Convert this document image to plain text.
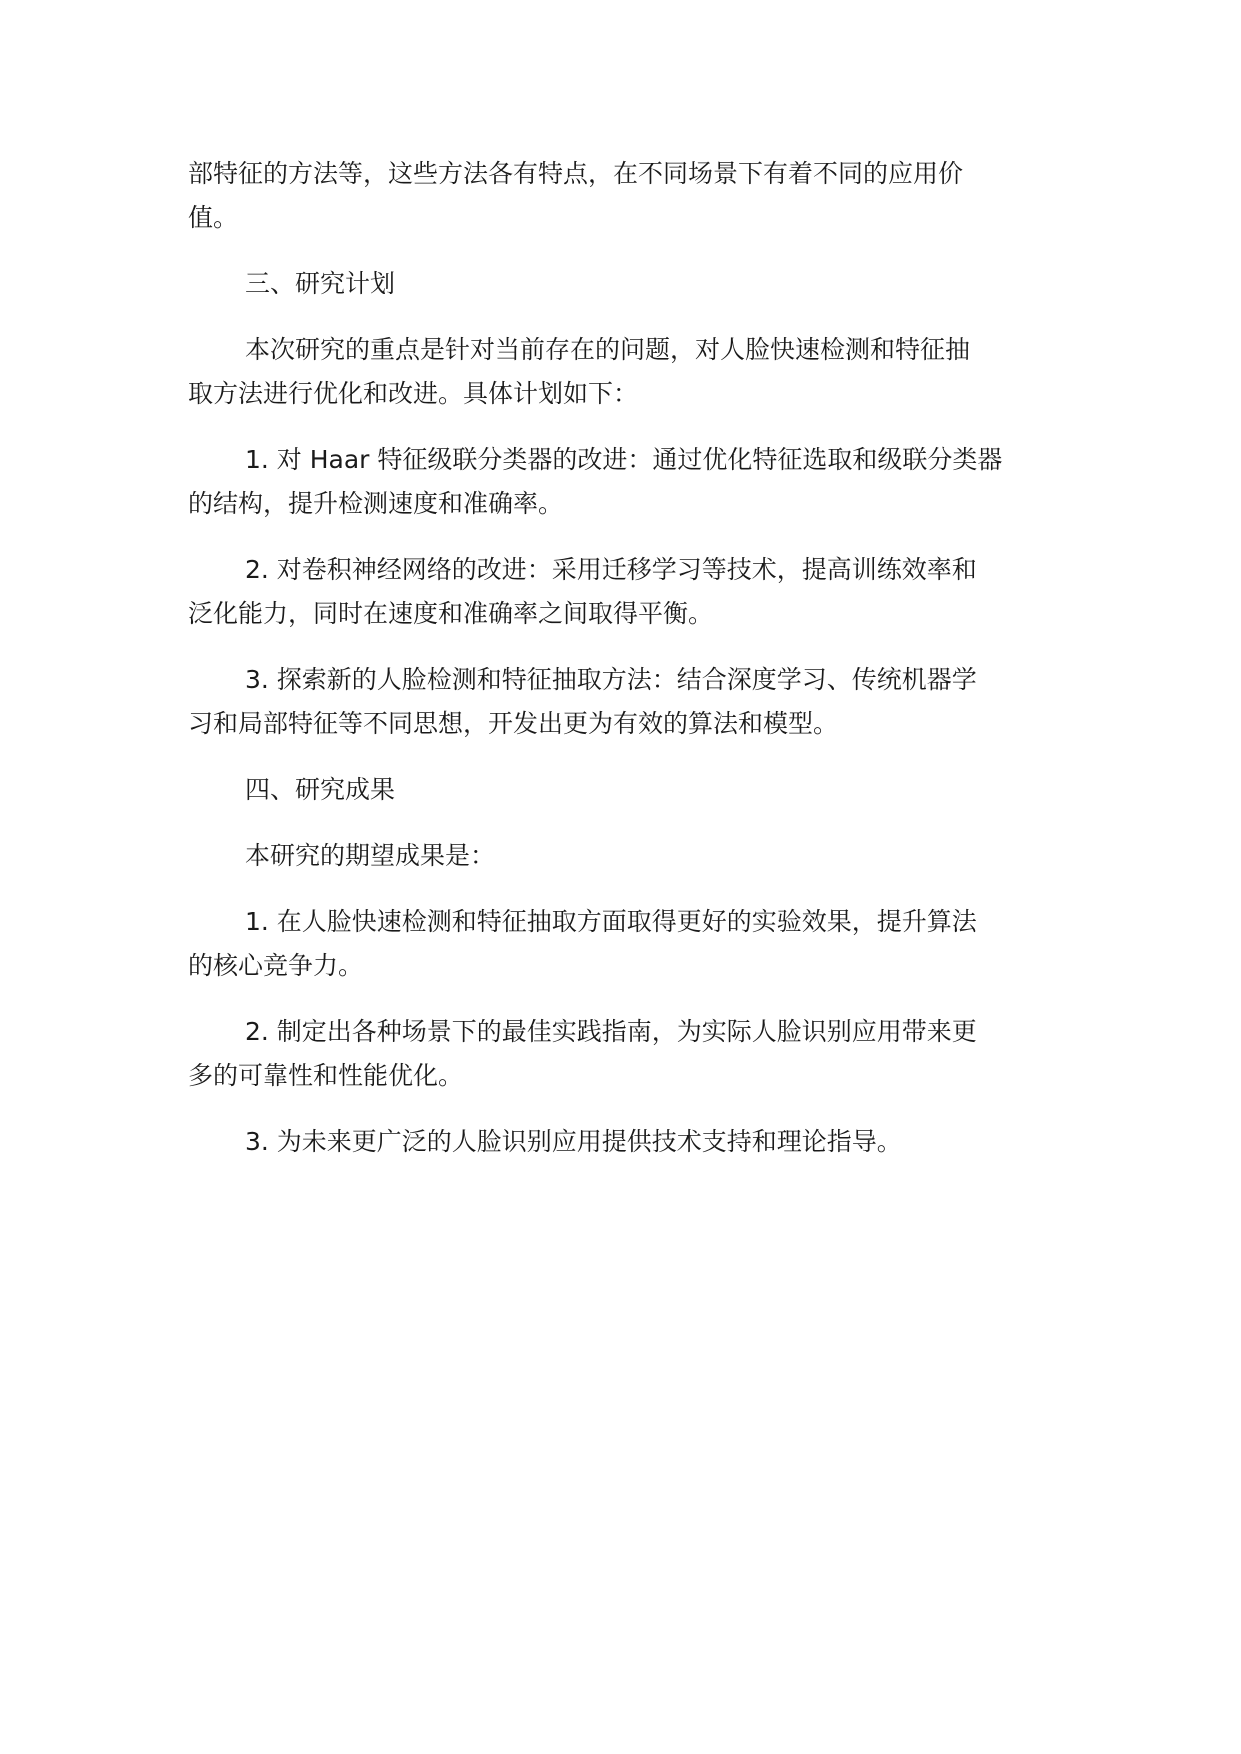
部特征的方法等，这些方法各有特点，在不同场景下有着不同的应用价
值。
三、研究计划
本次研究的重点是针对当前存在的问题，对人脸快速检测和特征抽
取方法进行优化和改进。具体计划如下：
1. 对 Haar 特征级联分类器的改进：通过优化特征选取和级联分类器
的结构，提升检测速度和准确率。
2. 对卷积神经网络的改进：采用迁移学习等技术，提高训练效率和
泛化能力，同时在速度和准确率之间取得平衡。
3. 探索新的人脸检测和特征抽取方法：结合深度学习、传统机器学
习和局部特征等不同思想，开发出更为有效的算法和模型。
四、研究成果
本研究的期望成果是：
1. 在人脸快速检测和特征抽取方面取得更好的实验效果，提升算法
的核心竞争力。
2. 制定出各种场景下的最佳实践指南，为实际人脸识别应用带来更
多的可靠性和性能优化。
3. 为未来更广泛的人脸识别应用提供技术支持和理论指导。
